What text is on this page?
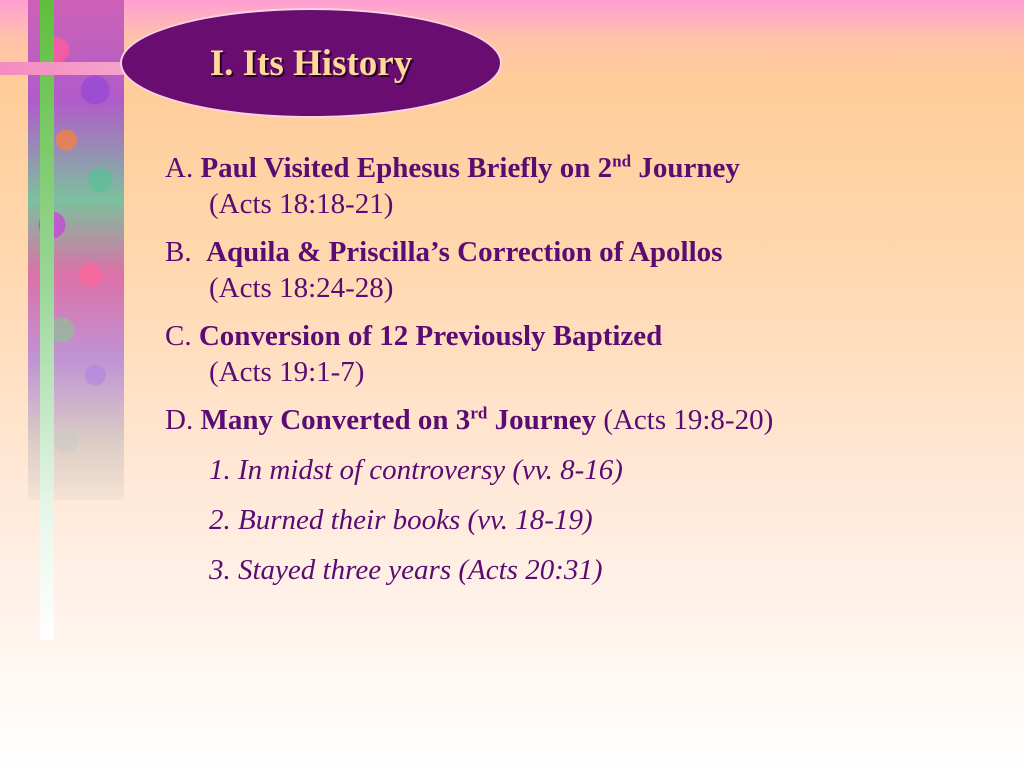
I. Its History
A. Paul Visited Ephesus Briefly on 2nd Journey
(Acts 18:18-21)
B. Aquila & Priscilla’s Correction of Apollos
(Acts 18:24-28)
C. Conversion of 12 Previously Baptized
(Acts 19:1-7)
D. Many Converted on 3rd Journey (Acts 19:8-20)
1. In midst of controversy (vv. 8-16)
2. Burned their books (vv. 18-19)
3. Stayed three years (Acts 20:31)
